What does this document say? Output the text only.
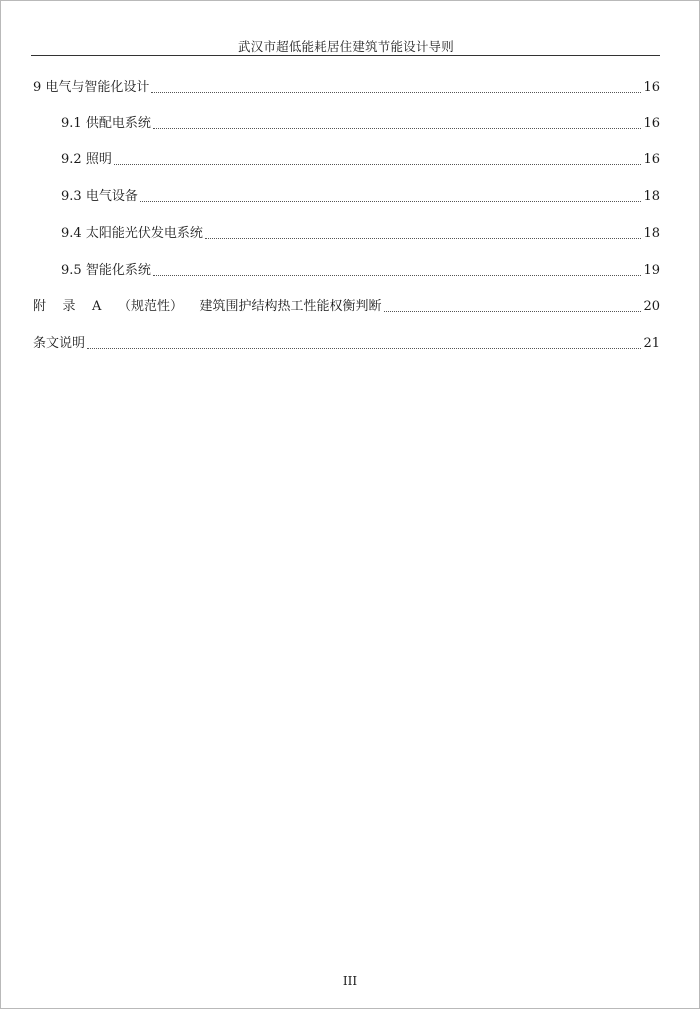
武汉市超低能耗居住建筑节能设计导则
9 电气与智能化设计	16
9.1 供配电系统	16
9.2 照明	16
9.3 电气设备	18
9.4 太阳能光伏发电系统	18
9.5 智能化系统	19
附    录    A    （规范性）    建筑围护结构热工性能权衡判断	20
条文说明	21
III
